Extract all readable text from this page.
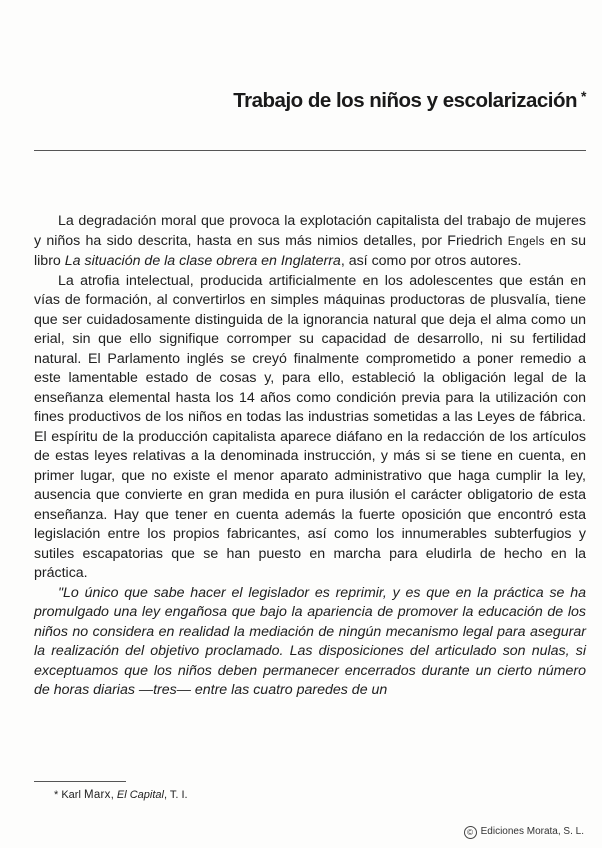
Trabajo de los niños y escolarización *

La degradación moral que provoca la explotación capitalista del trabajo de mujeres y niños ha sido descrita, hasta en sus más nimios detalles, por Friedrich Engels en su libro La situación de la clase obrera en Inglaterra, así como por otros autores.

La atrofia intelectual, producida artificialmente en los adolescentes que están en vías de formación, al convertirlos en simples máquinas productoras de plusvalía, tiene que ser cuidadosamente distinguida de la ignorancia natural que deja el alma como un erial, sin que ello signifique corromper su capacidad de desarrollo, ni su fertilidad natural. El Parlamento inglés se creyó finalmente comprometido a poner remedio a este lamentable estado de cosas y, para ello, estableció la obligación legal de la enseñanza elemental hasta los 14 años como condición previa para la utilización con fines productivos de los niños en todas las industrias sometidas a las Leyes de fábrica. El espíritu de la producción capitalista aparece diáfano en la redacción de los artículos de estas leyes relativas a la denominada instrucción, y más si se tiene en cuenta, en primer lugar, que no existe el menor aparato administrativo que haga cumplir la ley, ausencia que convierte en gran medida en pura ilusión el carácter obligatorio de esta enseñanza. Hay que tener en cuenta además la fuerte oposición que encontró esta legislación entre los propios fabricantes, así como los innumerables subterfugios y sutiles escapatorias que se han puesto en marcha para eludirla de hecho en la práctica.

"Lo único que sabe hacer el legislador es reprimir, y es que en la práctica se ha promulgado una ley engañosa que bajo la apariencia de promover la educación de los niños no considera en realidad la mediación de ningún mecanismo legal para asegurar la realización del objetivo proclamado. Las disposiciones del articulado son nulas, si exceptuamos que los niños deben permanecer encerrados durante un cierto número de horas diarias —tres— entre las cuatro paredes de un

* Karl Marx, El Capital, T. I.
© Ediciones Morata, S. L.
